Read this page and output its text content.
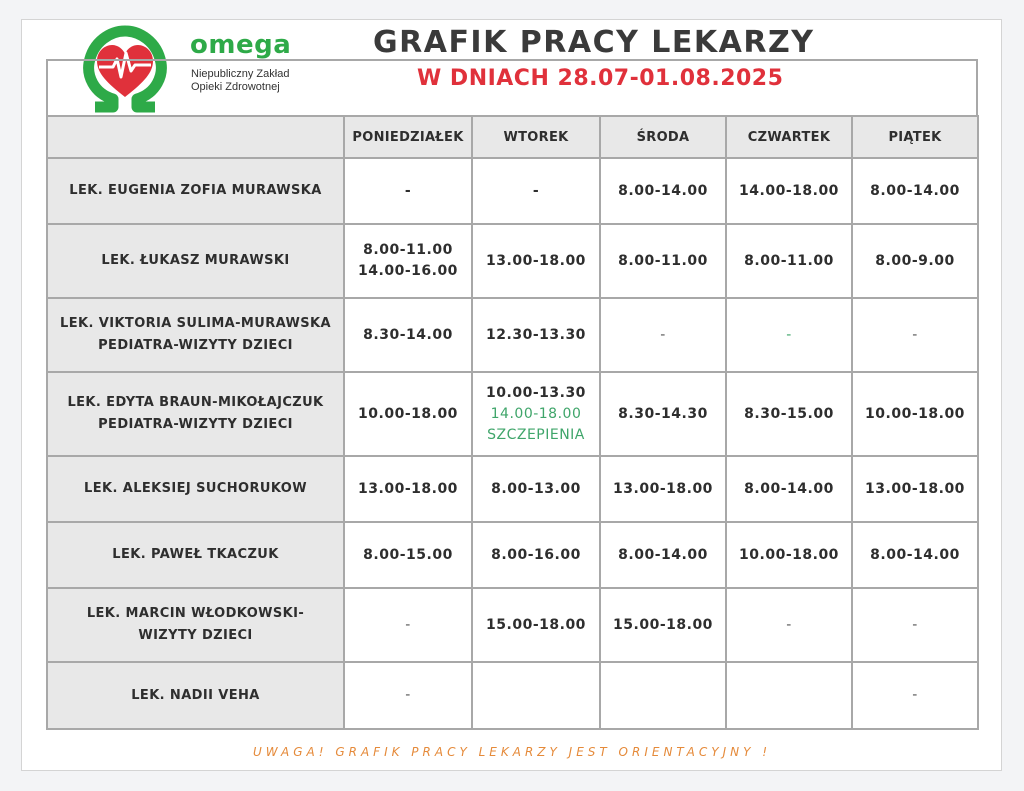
omega
Niepubliczny Zakład
Opieki Zdrowotnej
GRAFIK PRACY LEKARZY
W DNIACH 28.07-01.08.2025
	PONIEDZIAŁEK	WTOREK	ŚRODA	CZWARTEK	PIĄTEK

LEK. EUGENIA ZOFIA MURAWSKA	-	-	8.00-14.00	14.00-18.00	8.00-14.00

LEK. ŁUKASZ MURAWSKI	8.00-11.00
14.00-16.00	13.00-18.00	8.00-11.00	8.00-11.00	8.00-9.00

LEK. VIKTORIA SULIMA-MURAWSKA
PEDIATRA-WIZYTY DZIECI	8.30-14.00	12.30-13.30	-	-	-

LEK. EDYTA BRAUN-MIKOŁAJCZUK
PEDIATRA-WIZYTY DZIECI	10.00-18.00	10.00-13.30
14.00-18.00
SZCZEPIENIA	8.30-14.30	8.30-15.00	10.00-18.00

LEK. ALEKSIEJ SUCHORUKOW	13.00-18.00	8.00-13.00	13.00-18.00	8.00-14.00	13.00-18.00

LEK. PAWEŁ TKACZUK	8.00-15.00	8.00-16.00	8.00-14.00	10.00-18.00	8.00-14.00

LEK. MARCIN WŁODKOWSKI-
WIZYTY DZIECI	-	15.00-18.00	15.00-18.00	-	-

LEK. NADII VEHA	-				-
UWAGA! GRAFIK PRACY LEKARZY JEST ORIENTACYJNY !
